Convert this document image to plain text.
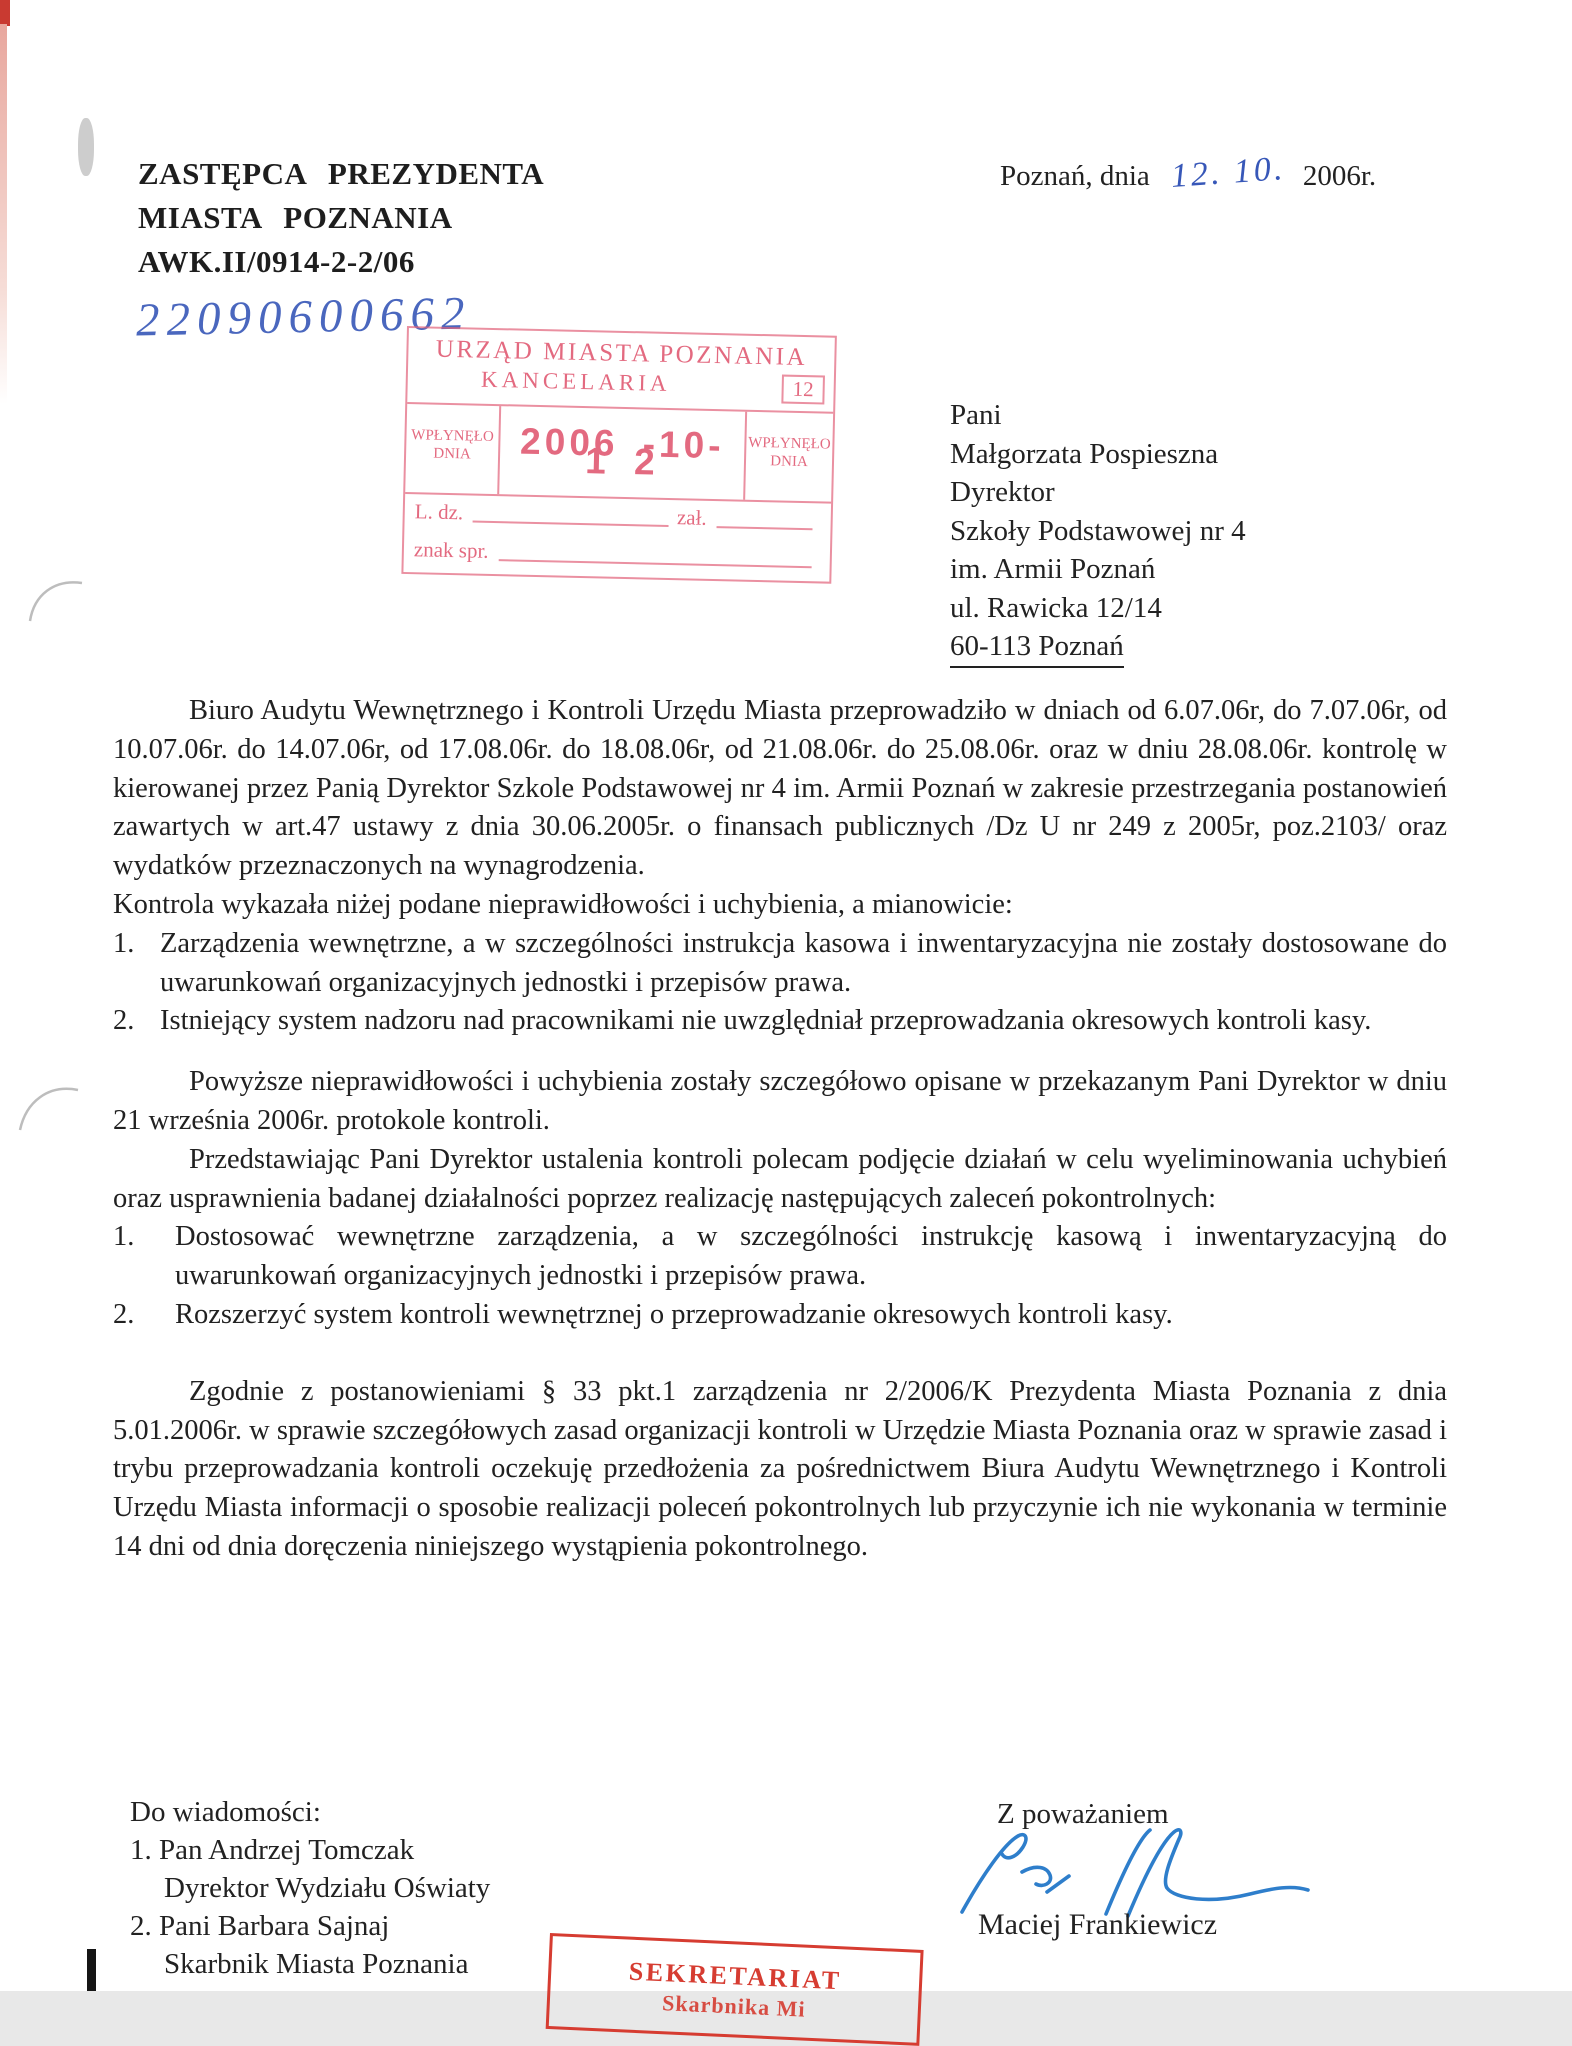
ZASTĘPCA PREZYDENTA
MIASTA POZNANIA
AWK.II/0914-2-2/06
Poznań, dnia 12. 10. 2006r.
22090600662
URZĄD MIASTA POZNANIA
KANCELARIA	12
WPŁYNĘŁO
DNIA	2006 -10- 1 2	WPŁYNĘŁO
DNIA
L. dz.	zał.
znak spr.
Pani
Małgorzata Pospieszna
Dyrektor
Szkoły Podstawowej nr 4
im. Armii Poznań
ul. Rawicka 12/14
60-113 Poznań

Biuro Audytu Wewnętrznego i Kontroli Urzędu Miasta przeprowadziło w dniach od 6.07.06r, do 7.07.06r, od 10.07.06r. do 14.07.06r, od 17.08.06r. do 18.08.06r, od 21.08.06r. do 25.08.06r. oraz w dniu 28.08.06r. kontrolę w kierowanej przez Panią Dyrektor Szkole Podstawowej nr 4 im. Armii Poznań w zakresie przestrzegania postanowień zawartych w art.47 ustawy z dnia 30.06.2005r. o finansach publicznych /Dz U nr 249 z 2005r, poz.2103/ oraz wydatków przeznaczonych na wynagrodzenia.

Kontrola wykazała niżej podane nieprawidłowości i uchybienia, a mianowicie:

1. Zarządzenia wewnętrzne, a w szczególności instrukcja kasowa i inwentaryzacyjna nie zostały dostosowane do uwarunkowań organizacyjnych jednostki i przepisów prawa.
2. Istniejący system nadzoru nad pracownikami nie uwzględniał przeprowadzania okresowych kontroli kasy.

Powyższe nieprawidłowości i uchybienia zostały szczegółowo opisane w przekazanym Pani Dyrektor w dniu 21 września 2006r. protokole kontroli.

Przedstawiając Pani Dyrektor ustalenia kontroli polecam podjęcie działań w celu wyeliminowania uchybień oraz usprawnienia badanej działalności poprzez realizację następujących zaleceń pokontrolnych:

1.	Dostosować wewnętrzne zarządzenia, a w szczególności instrukcję kasową i inwentaryzacyjną do uwarunkowań organizacyjnych jednostki i przepisów prawa.
2.	Rozszerzyć system kontroli wewnętrznej o przeprowadzanie okresowych kontroli kasy.

Zgodnie z postanowieniami § 33 pkt.1 zarządzenia nr 2/2006/K Prezydenta Miasta Poznania z dnia 5.01.2006r. w sprawie szczegółowych zasad organizacji kontroli w Urzędzie Miasta Poznania oraz w sprawie zasad i trybu przeprowadzania kontroli oczekuję przedłożenia za pośrednictwem Biura Audytu Wewnętrznego i Kontroli Urzędu Miasta informacji o sposobie realizacji poleceń pokontrolnych lub przyczynie ich nie wykonania w terminie 14 dni od dnia doręczenia niniejszego wystąpienia pokontrolnego.

Do wiadomości:
1. Pan Andrzej Tomczak
Dyrektor Wydziału Oświaty
2. Pani Barbara Sajnaj
Skarbnik Miasta Poznania
Z poważaniem
Maciej Frankiewicz
SEKRETARIAT
Skarbnika Mi
